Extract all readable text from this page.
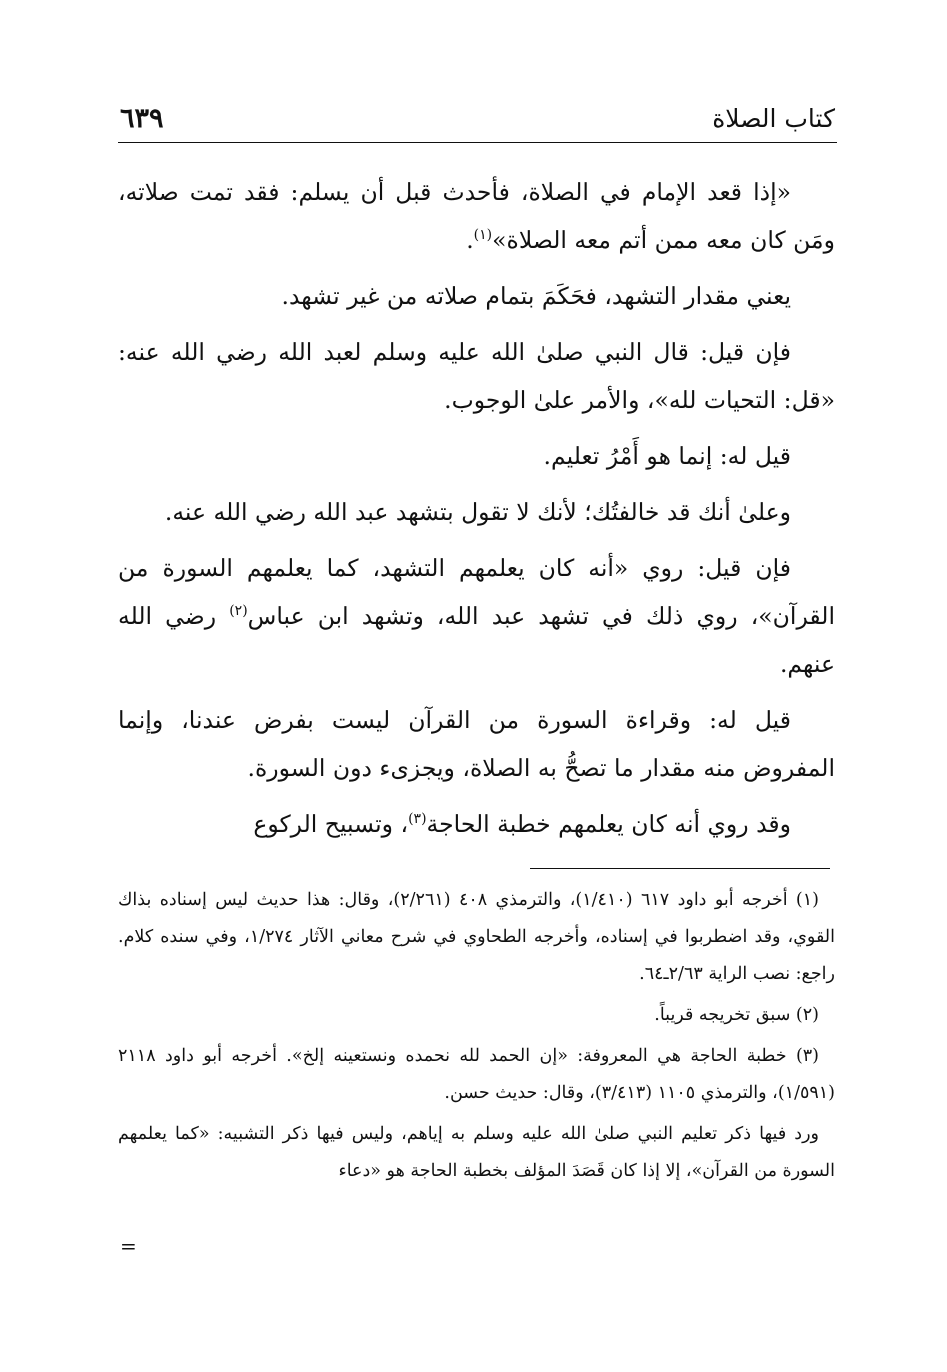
كتاب الصلاة
٦٣٩

«إذا قعد الإمام في الصلاة، فأحدث قبل أن يسلم: فقد تمت صلاته، ومَن كان معه ممن أتم معه الصلاة»$^{(١)}$.

يعني مقدار التشهد، فحَكَمَ بتمام صلاته من غير تشهد.

فإن قيل: قال النبي صلىٰ الله عليه وسلم لعبد الله رضي الله عنه: «قل: التحيات لله»، والأمر علىٰ الوجوب.

قيل له: إنما هو أَمْرُ تعليم.

وعلىٰ أنك قد خالفتُك؛ لأنك لا تقول بتشهد عبد الله رضي الله عنه.

فإن قيل: روي «أنه كان يعلمهم التشهد، كما يعلمهم السورة من القرآن»، روي ذلك في تشهد عبد الله، وتشهد ابن عباس$^{(٢)}$ رضي الله عنهم.

قيل له: وقراءة السورة من القرآن ليست بفرض عندنا، وإنما المفروض منه مقدار ما تصحُّ به الصلاة، ويجزىء دون السورة.

وقد روي أنه كان يعلمهم خطبة الحاجة$^{(٣)}$، وتسبيح الركوع

(١) أخرجه أبو داود ٦١٧ (١/٤١٠)، والترمذي ٤٠٨ (٢/٢٦١)، وقال: هذا حديث ليس إسناده بذاك القوي، وقد اضطربوا في إسناده، وأخرجه الطحاوي في شرح معاني الآثار ١/٢٧٤، وفي سنده كلام. راجع: نصب الراية ٢/٦٣ـ٦٤.

(٢) سبق تخريجه قريباً.

(٣) خطبة الحاجة هي المعروفة: «إن الحمد لله نحمده ونستعينه إلخ». أخرجه أبو داود ٢١١٨ (١/٥٩١)، والترمذي ١١٠٥ (٣/٤١٣)، وقال: حديث حسن.

ورد فيها ذكر تعليم النبي صلىٰ الله عليه وسلم به إياهم، وليس فيها ذكر التشبيه: «كما يعلمهم السورة من القرآن»، إلا إذا كان قَصَدَ المؤلف بخطبة الحاجة هو «دعاء

=
